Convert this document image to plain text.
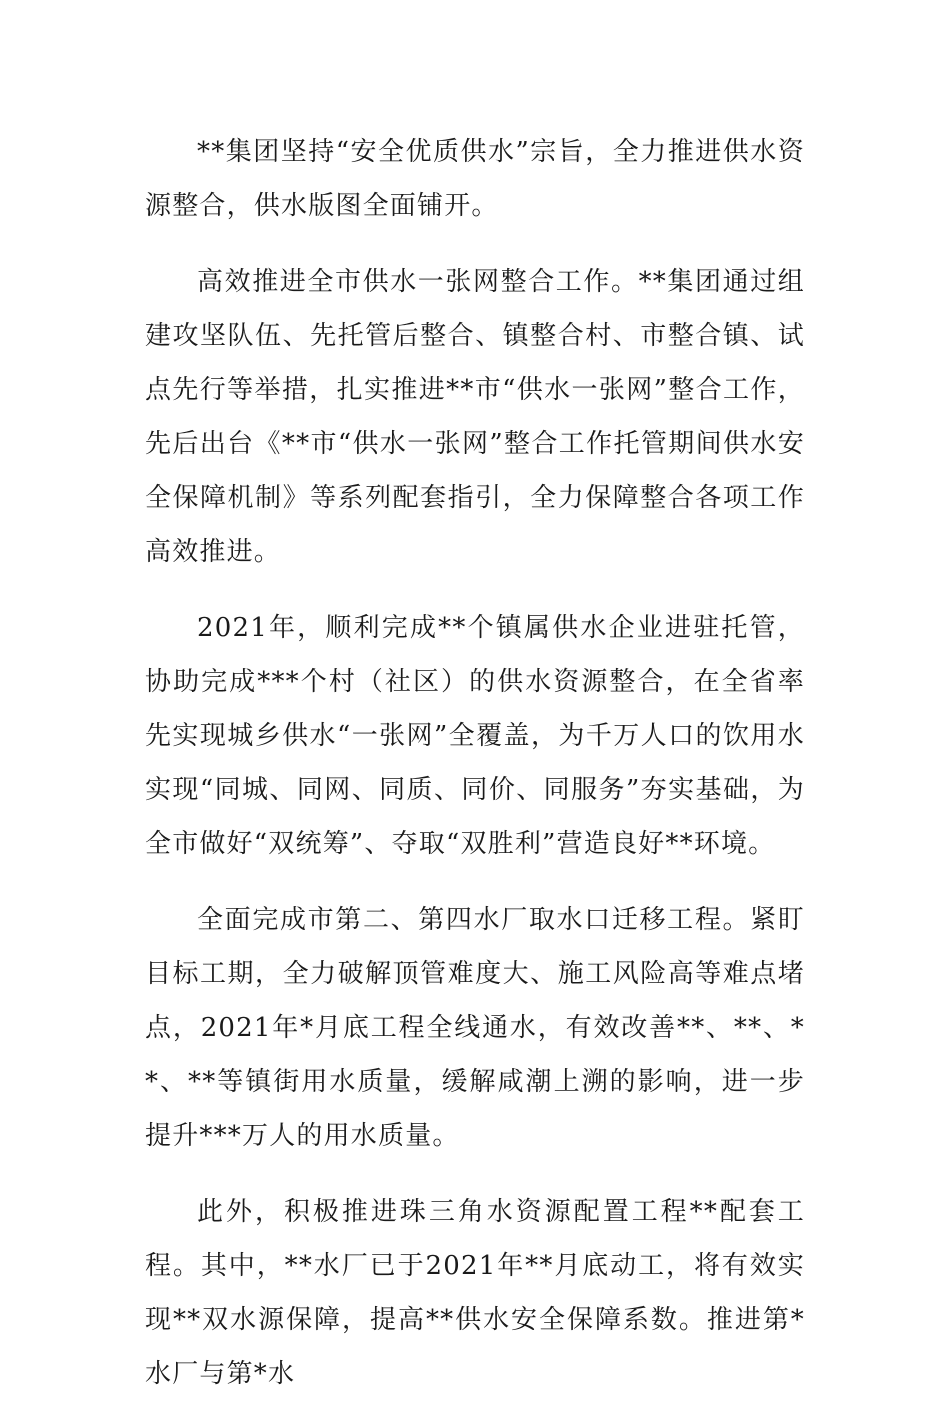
**集团坚持“安全优质供水”宗旨，全力推进供水资源整合，供水版图全面铺开。

高效推进全市供水一张网整合工作。**集团通过组建攻坚队伍、先托管后整合、镇整合村、市整合镇、试点先行等举措，扎实推进**市“供水一张网”整合工作，先后出台《**市“供水一张网”整合工作托管期间供水安全保障机制》等系列配套指引，全力保障整合各项工作高效推进。

2021年，顺利完成**个镇属供水企业进驻托管，协助完成***个村（社区）的供水资源整合，在全省率先实现城乡供水“一张网”全覆盖，为千万人口的饮用水实现“同城、同网、同质、同价、同服务”夯实基础，为全市做好“双统筹”、夺取“双胜利”营造良好**环境。

全面完成市第二、第四水厂取水口迁移工程。紧盯目标工期，全力破解顶管难度大、施工风险高等难点堵点，2021年*月底工程全线通水，有效改善**、**、**、**等镇街用水质量，缓解咸潮上溯的影响，进一步提升***万人的用水质量。

此外，积极推进珠三角水资源配置工程**配套工程。其中，**水厂已于2021年**月底动工，将有效实现**双水源保障，提高**供水安全保障系数。推进第*水厂与第*水
